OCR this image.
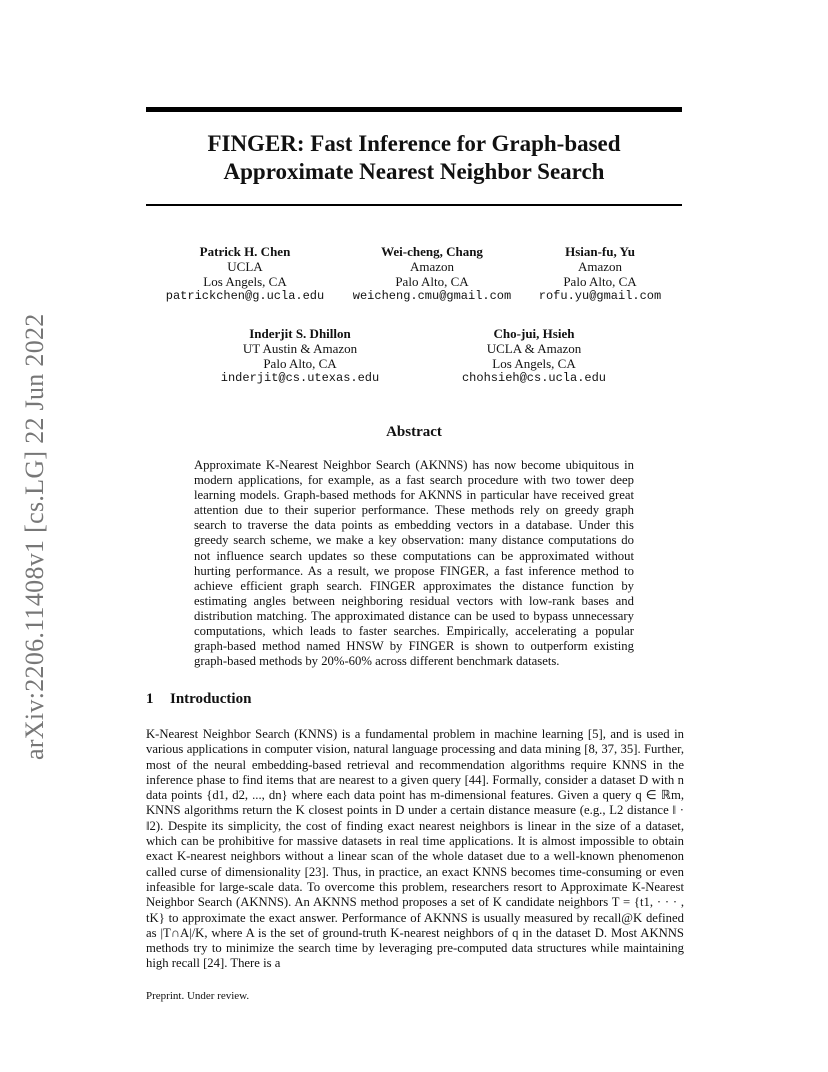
arXiv:2206.11408v1 [cs.LG] 22 Jun 2022
FINGER: Fast Inference for Graph-based
Approximate Nearest Neighbor Search
Patrick H. Chen
UCLA
Los Angels, CA
patrickchen@g.ucla.edu
Wei-cheng, Chang
Amazon
Palo Alto, CA
weicheng.cmu@gmail.com
Hsian-fu, Yu
Amazon
Palo Alto, CA
rofu.yu@gmail.com
Inderjit S. Dhillon
UT Austin & Amazon
Palo Alto, CA
inderjit@cs.utexas.edu
Cho-jui, Hsieh
UCLA & Amazon
Los Angels, CA
chohsieh@cs.ucla.edu
Abstract
Approximate K-Nearest Neighbor Search (AKNNS) has now become ubiquitous in modern applications, for example, as a fast search procedure with two tower deep learning models. Graph-based methods for AKNNS in particular have received great attention due to their superior performance. These methods rely on greedy graph search to traverse the data points as embedding vectors in a database. Under this greedy search scheme, we make a key observation: many distance computations do not influence search updates so these computations can be approximated without hurting performance. As a result, we propose FINGER, a fast inference method to achieve efficient graph search. FINGER approximates the distance function by estimating angles between neighboring residual vectors with low-rank bases and distribution matching. The approximated distance can be used to bypass unnecessary computations, which leads to faster searches. Empirically, accelerating a popular graph-based method named HNSW by FINGER is shown to outperform existing graph-based methods by 20%-60% across different benchmark datasets.
1 Introduction
K-Nearest Neighbor Search (KNNS) is a fundamental problem in machine learning [5], and is used in various applications in computer vision, natural language processing and data mining [8, 37, 35]. Further, most of the neural embedding-based retrieval and recommendation algorithms require KNNS in the inference phase to find items that are nearest to a given query [44]. Formally, consider a dataset D with n data points {d1, d2, ..., dn} where each data point has m-dimensional features. Given a query q ∈ ℝm, KNNS algorithms return the K closest points in D under a certain distance measure (e.g., L2 distance ‖ · ‖2). Despite its simplicity, the cost of finding exact nearest neighbors is linear in the size of a dataset, which can be prohibitive for massive datasets in real time applications. It is almost impossible to obtain exact K-nearest neighbors without a linear scan of the whole dataset due to a well-known phenomenon called curse of dimensionality [23]. Thus, in practice, an exact KNNS becomes time-consuming or even infeasible for large-scale data. To overcome this problem, researchers resort to Approximate K-Nearest Neighbor Search (AKNNS). An AKNNS method proposes a set of K candidate neighbors T = {t1, · · · , tK} to approximate the exact answer. Performance of AKNNS is usually measured by recall@K defined as |T∩A|/K, where A is the set of ground-truth K-nearest neighbors of q in the dataset D. Most AKNNS methods try to minimize the search time by leveraging pre-computed data structures while maintaining high recall [24]. There is a
Preprint. Under review.
